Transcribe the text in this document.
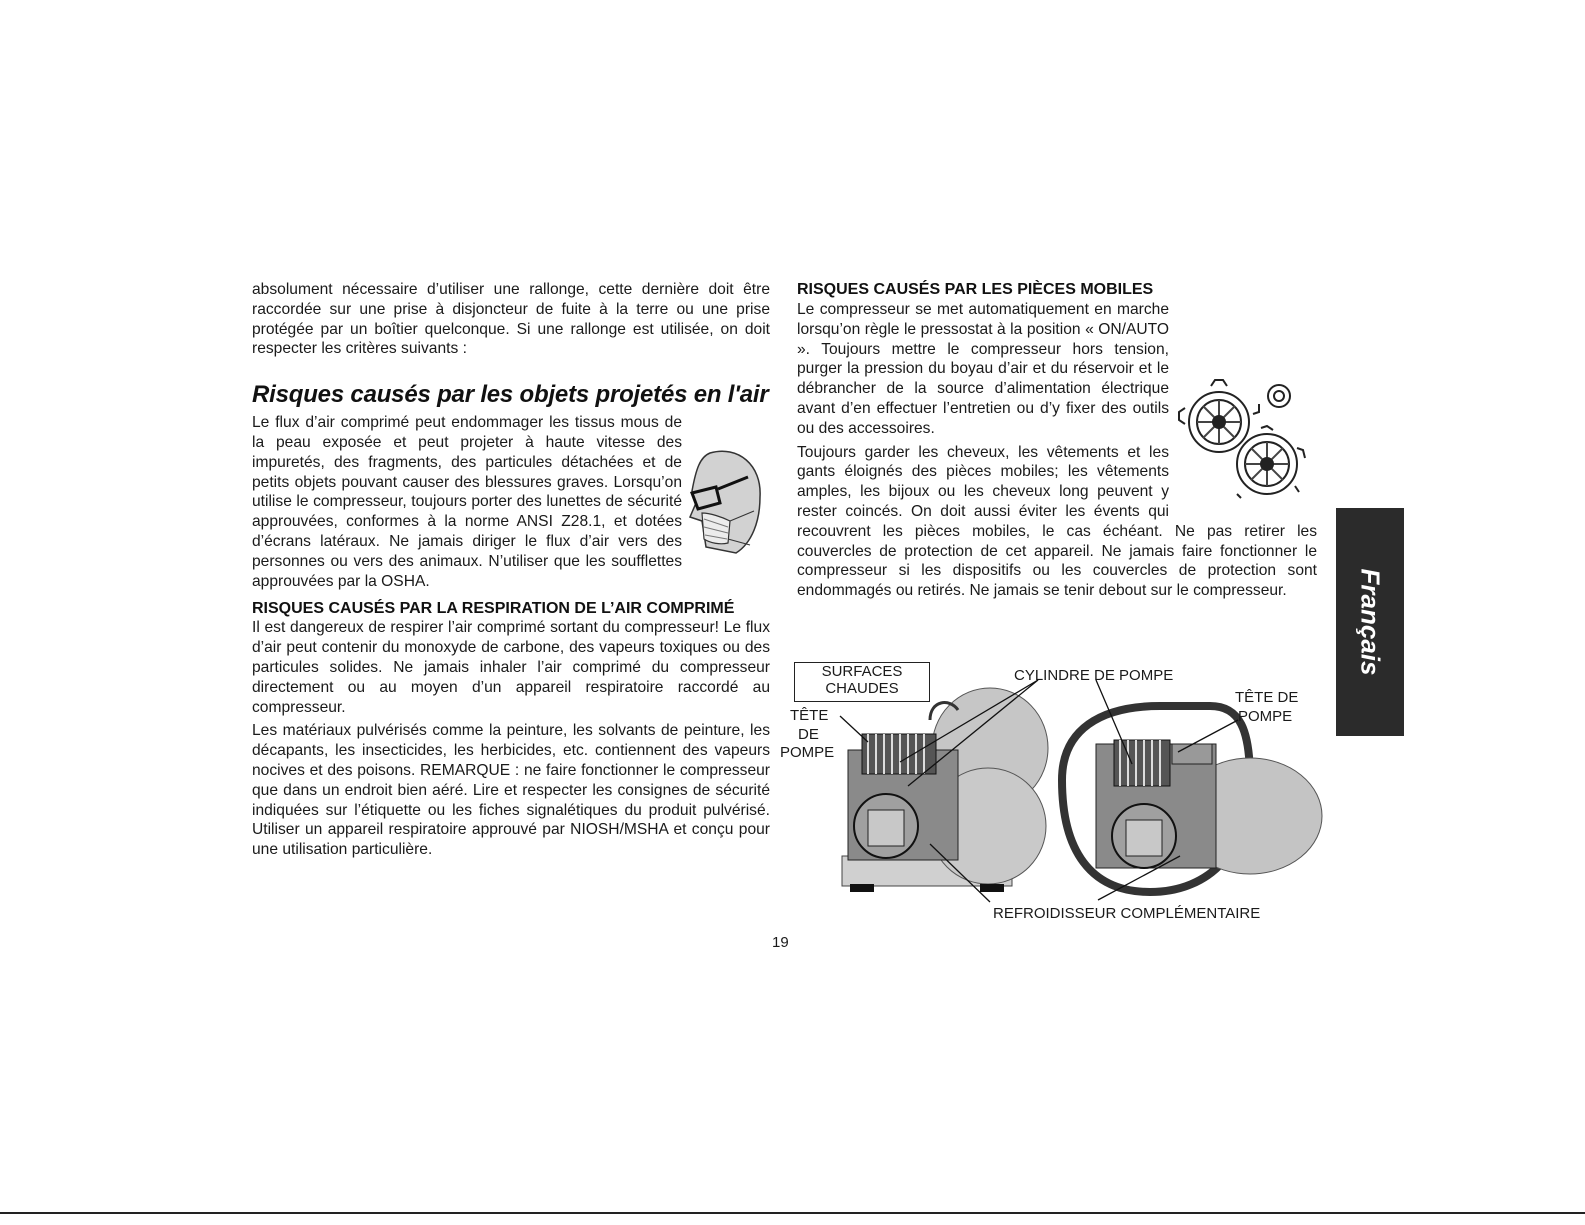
absolument nécessaire d’utiliser une rallonge, cette dernière doit être raccordée sur une prise à disjoncteur de fuite à la terre ou une prise protégée par un boîtier quelconque. Si une rallonge est utilisée, on doit respecter les critères suivants :

Risques causés par les objets projetés en l'air

Le flux d’air comprimé peut endommager les tissus mous de la peau exposée et peut projeter à haute vitesse des impuretés, des fragments, des particules détachées et de petits objets pouvant causer des blessures graves. Lorsqu’on utilise le compresseur, toujours porter des lunettes de sécurité approuvées, conformes à la norme ANSI Z28.1, et dotées d’écrans latéraux. Ne jamais diriger le flux d’air vers des personnes ou vers des animaux. N’utiliser que les soufflettes approuvées par la OSHA.

RISQUES CAUSÉS PAR LA RESPIRATION DE L’AIR COMPRIMÉ

Il est dangereux de respirer l’air comprimé sortant du compresseur! Le flux d’air peut contenir du monoxyde de carbone, des vapeurs toxiques ou des particules solides. Ne jamais inhaler l’air comprimé du compresseur directement ou au moyen d’un appareil respiratoire raccordé au compresseur.

Les matériaux pulvérisés comme la peinture, les solvants de peinture, les décapants, les insecticides, les herbicides, etc. contiennent des vapeurs nocives et des poisons. REMARQUE : ne faire fonctionner le compresseur que dans un endroit bien aéré. Lire et respecter les consignes de sécurité indiquées sur l’étiquette ou les fiches signalétiques du produit pulvérisé. Utiliser un appareil respiratoire approuvé par NIOSH/MSHA et conçu pour une utilisation particulière.

RISQUES CAUSÉS PAR LES PIÈCES MOBILES

Le compresseur se met automatiquement en marche lorsqu’on règle le pressostat à la position « ON/AUTO ». Toujours mettre le compresseur hors tension, purger la pression du boyau d’air et du réservoir et le débrancher de la source d’alimentation électrique avant d’en effectuer l’entretien ou d’y fixer des outils ou des accessoires.

Toujours garder les cheveux, les vêtements et les gants éloignés des pièces mobiles; les vêtements amples, les bijoux ou les cheveux long peuvent y rester coincés. On doit aussi éviter les évents qui recouvrent les pièces mobiles, le cas échéant. Ne pas retirer les couvercles de protection de cet appareil. Ne jamais faire fonctionner le compresseur si les dispositifs ou les couvercles de protection sont endommagés ou retirés. Ne jamais se tenir debout sur le compresseur.

SURFACES
CHAUDES
CYLINDRE DE POMPE
TÊTE
DE
POMPE
TÊTE DE
POMPE
REFROIDISSEUR COMPLÉMENTAIRE
19
Français
